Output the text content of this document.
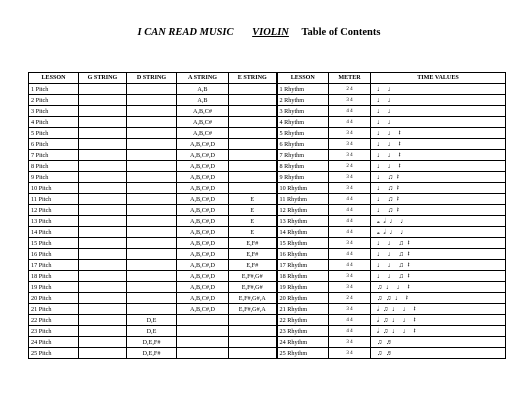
I CAN READ MUSIC VIOLIN Table of Contents
LESSON	G STRING	D STRING	A STRING	E STRING	LESSON	METER	TIME VALUES
1 Pitch			A,B		1 Rhythm	2 4	♩ ♩
2 Pitch			A,B		2 Rhythm	3 4	♩ ♩
3 Pitch			A,B,C#		3 Rhythm	4 4	♩ ♩
4 Pitch			A,B,C#		4 Rhythm	4 4	♩ ♩
5 Pitch			A,B,C#		5 Rhythm	3 4	♩ ♩ 𝄽
6 Pitch			A,B,C#,D		6 Rhythm	3 4	♩ ♩ 𝄽
7 Pitch			A,B,C#,D		7 Rhythm	3 4	♩ ♩ 𝄽
8 Pitch			A,B,C#,D		8 Rhythm	2 4	♩ ♩ 𝄽
9 Pitch			A,B,C#,D		9 Rhythm	3 4	♩ ♫ 𝄽
10 Pitch			A,B,C#,D		10 Rhythm	3 4	♩ ♫ 𝄽
11 Pitch			A,B,C#,D	E	11 Rhythm	4 4	♩ ♫ 𝄽
12 Pitch			A,B,C#,D	E	12 Rhythm	4 4	♩ ♫ 𝄽
13 Pitch			A,B,C#,D	E	13 Rhythm	4 4	𝅝 𝅗𝅥 ♩ ♩
14 Pitch			A,B,C#,D	E	14 Rhythm	4 4	𝅝 𝅗𝅥 ♩ ♩
15 Pitch			A,B,C#,D	E,F#	15 Rhythm	3 4	♩ ♩ ♫ 𝄽
16 Pitch			A,B,C#,D	E,F#	16 Rhythm	4 4	♩ ♩ ♫ 𝄽
17 Pitch			A,B,C#,D	E,F#	17 Rhythm	4 4	♩ ♩ ♫ 𝄽
18 Pitch			A,B,C#,D	E,F#,G#	18 Rhythm	3 4	♩ ♩ ♫ 𝄽
19 Pitch			A,B,C#,D	E,F#,G#	19 Rhythm	3 4	♫ ♩ ♩ 𝄽
20 Pitch			A,B,C#,D	E,F#,G#,A	20 Rhythm	2 4	♫ ♫ ♩ 𝄽
21 Pitch			A,B,C#,D	E,F#,G#,A	21 Rhythm	3 4	𝅗𝅥 ♫ ♩ ♩ 𝄽
22 Pitch		D,E			22 Rhythm	4 4	𝅗𝅥 ♫ ♩ ♩ 𝄽
23 Pitch		D,E			23 Rhythm	4 4	𝅗𝅥 ♫ ♩ ♩ 𝄽
24 Pitch		D,E,F#			24 Rhythm	3 4	♫ ♬
25 Pitch		D,E,F#			25 Rhythm	3 4	♫ ♬
